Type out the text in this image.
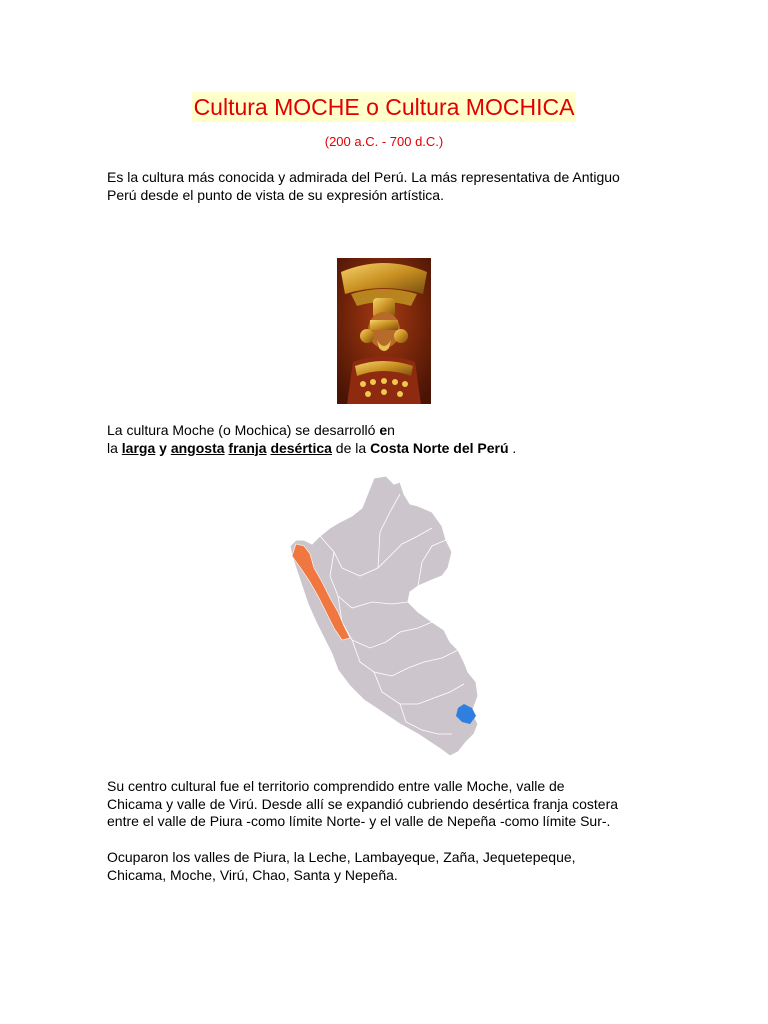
Cultura MOCHE o Cultura MOCHICA
(200 a.C. - 700 d.C.)
Es la cultura más conocida y admirada del Perú. La más representativa de Antiguo
Perú desde el punto de vista de su expresión artística.
La cultura Moche (o Mochica) se desarrolló en
la larga y angosta franja desértica de la Costa Norte del Perú .
Su centro cultural fue el territorio comprendido entre valle Moche, valle de
Chicama y valle de Virú. Desde allí se expandió cubriendo desértica franja costera
entre el valle de Piura -como límite Norte- y el valle de Nepeña -como límite Sur-.
Ocuparon los valles de Piura, la Leche, Lambayeque, Zaña, Jequetepeque,
Chicama, Moche, Virú, Chao, Santa y Nepeña.
